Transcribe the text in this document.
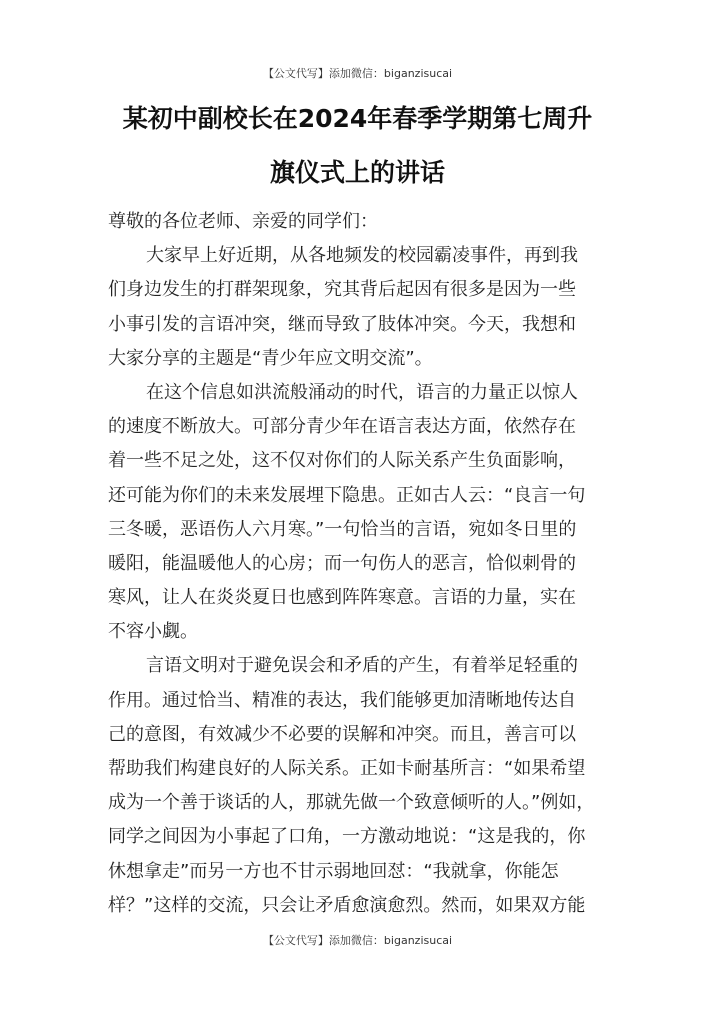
【公文代写】添加微信：biganzisucai
某初中副校长在2024年春季学期第七周升
旗仪式上的讲话
尊敬的各位老师、亲爱的同学们：
大家早上好近期，从各地频发的校园霸凌事件，再到我
们身边发生的打群架现象，究其背后起因有很多是因为一些
小事引发的言语冲突，继而导致了肢体冲突。今天，我想和
大家分享的主题是“青少年应文明交流”。
在这个信息如洪流般涌动的时代，语言的力量正以惊人
的速度不断放大。可部分青少年在语言表达方面，依然存在
着一些不足之处，这不仅对你们的人际关系产生负面影响，
还可能为你们的未来发展埋下隐患。正如古人云：“良言一句
三冬暖，恶语伤人六月寒。”一句恰当的言语，宛如冬日里的
暖阳，能温暖他人的心房；而一句伤人的恶言，恰似刺骨的
寒风，让人在炎炎夏日也感到阵阵寒意。言语的力量，实在
不容小觑。
言语文明对于避免误会和矛盾的产生，有着举足轻重的
作用。通过恰当、精准的表达，我们能够更加清晰地传达自
己的意图，有效减少不必要的误解和冲突。而且，善言可以
帮助我们构建良好的人际关系。正如卡耐基所言：“如果希望
成为一个善于谈话的人，那就先做一个致意倾听的人。”例如，
同学之间因为小事起了口角，一方激动地说：“这是我的，你
休想拿走”而另一方也不甘示弱地回怼：“我就拿，你能怎
样？”这样的交流，只会让矛盾愈演愈烈。然而，如果双方能
【公文代写】添加微信：biganzisucai
